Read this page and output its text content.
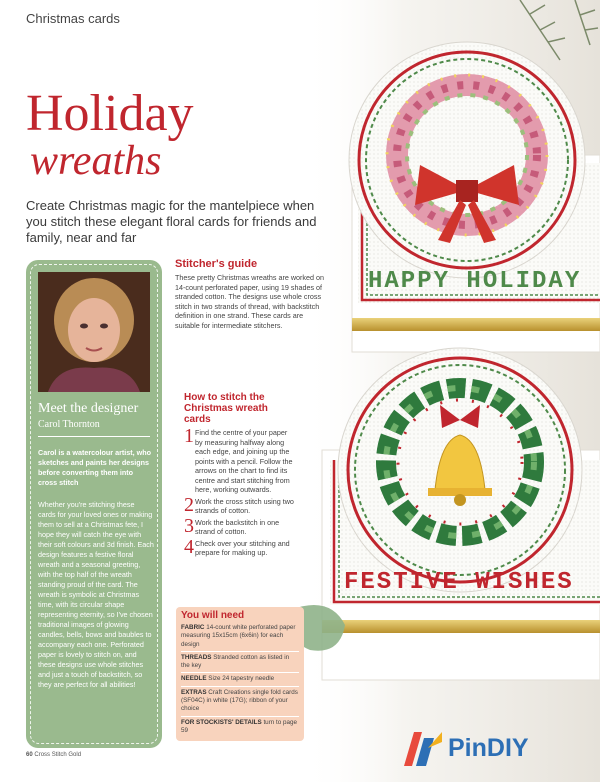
HAPPY HOLIDAY
FESTIVE WISHES
Christmas cards
Holiday
wreaths
Create Christmas magic for the mantelpiece when you stitch these elegant floral cards for friends and family, near and far
Meet the designer
Carol Thornton
Carol is a watercolour artist, who sketches and paints her designs before converting them into cross stitch
Whether you're stitching these cards for your loved ones or making them to sell at a Christmas fete, I hope they will catch the eye with their soft colours and 3d finish. Each design features a festive floral wreath and a seasonal greeting, with the top half of the wreath standing proud of the card. The wreath is symbolic at Christmas time, with its circular shape representing eternity, so I've chosen traditional images of glowing candles, bells, bows and baubles to accompany each one. Perforated paper is lovely to stitch on, and these designs use whole stitches and just a touch of backstitch, so they are perfect for all abilities!
Stitcher's guide
These pretty Christmas wreaths are worked on 14-count perforated paper, using 19 shades of stranded cotton. The designs use whole cross stitch in two strands of thread, with backstitch definition in one strand. These cards are suitable for intermediate stitchers.
How to stitch the Christmas wreath cards
1 Find the centre of your paper by measuring halfway along each edge, and joining up the points with a pencil. Follow the arrows on the chart to find its centre and start stitching from here, working outwards.
2 Work the cross stitch using two strands of cotton.
3 Work the backstitch in one strand of cotton.
4 Check over your stitching and prepare for making up.
You will need
FABRIC 14-count white perforated paper measuring 15x15cm (6x6in) for each design
THREADS Stranded cotton as listed in the key
NEEDLE Size 24 tapestry needle
EXTRAS Craft Creations single fold cards (SF04C) in white (17G); ribbon of your choice
FOR STOCKISTS' DETAILS turn to page 59
60 Cross Stitch Gold	PinDIY
